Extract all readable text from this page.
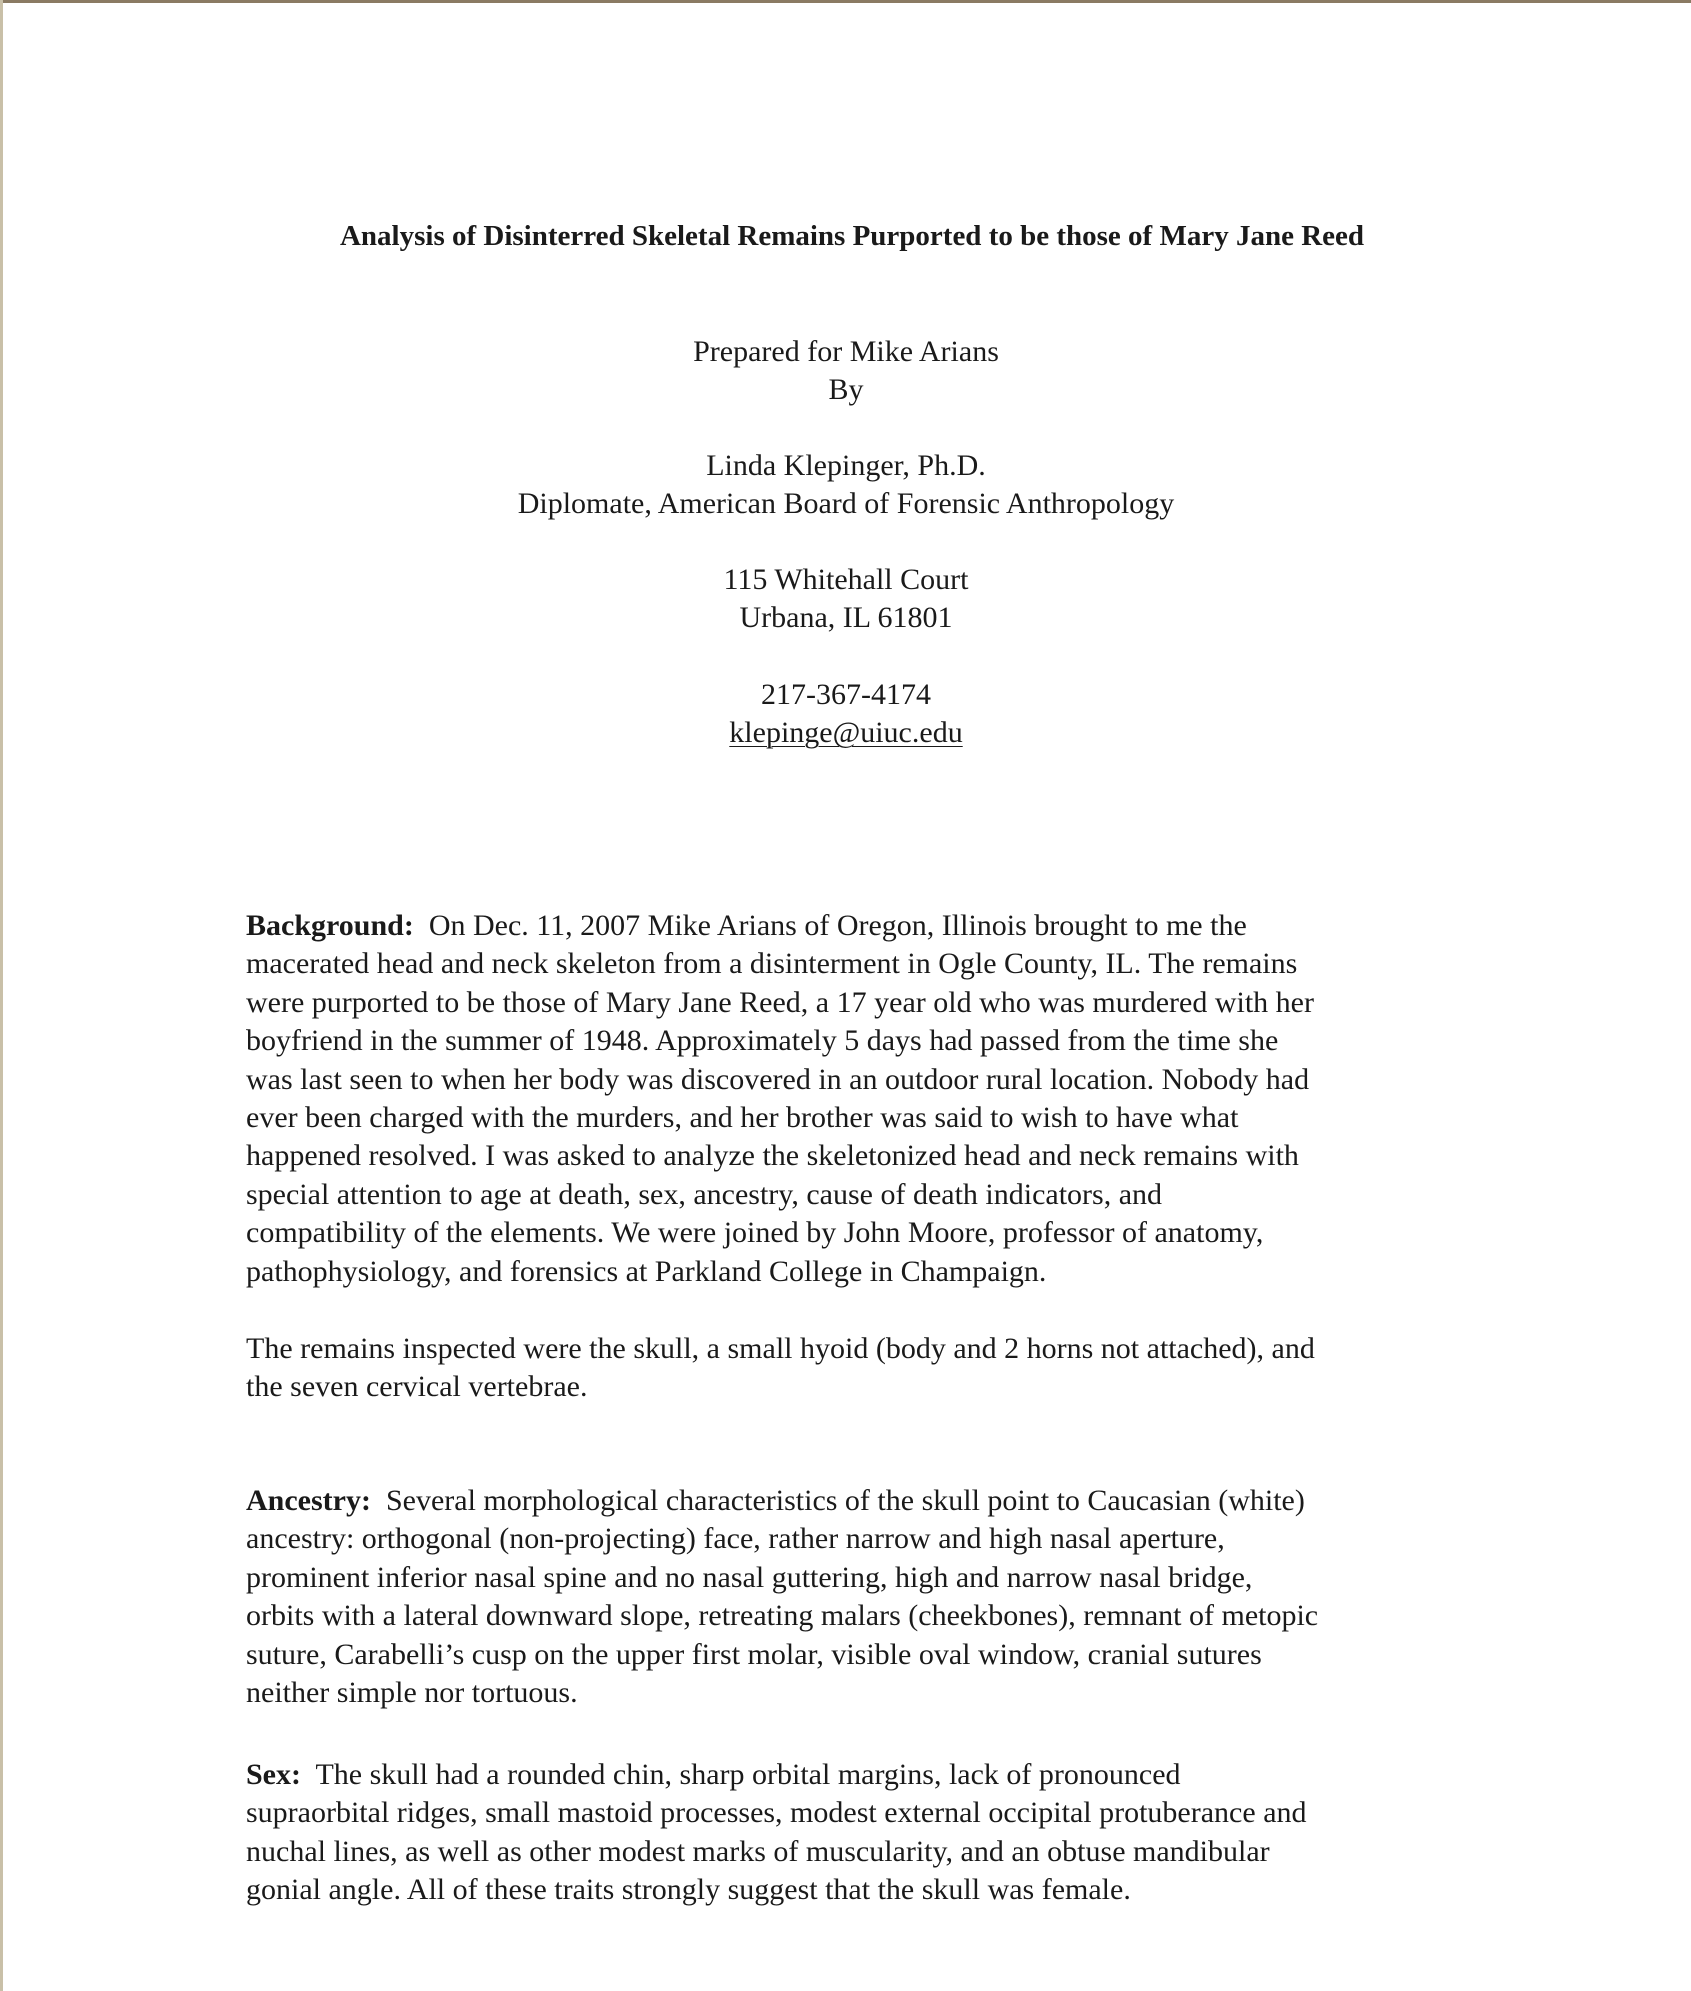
Analysis of Disinterred Skeletal Remains Purported to be those of Mary Jane Reed
Prepared for Mike Arians
By
Linda Klepinger, Ph.D.
Diplomate, American Board of Forensic Anthropology
115 Whitehall Court
Urbana, IL 61801
217-367-4174
klepinge@uiuc.edu
Background: On Dec. 11, 2007 Mike Arians of Oregon, Illinois brought to me the
macerated head and neck skeleton from a disinterment in Ogle County, IL. The remains
were purported to be those of Mary Jane Reed, a 17 year old who was murdered with her
boyfriend in the summer of 1948. Approximately 5 days had passed from the time she
was last seen to when her body was discovered in an outdoor rural location. Nobody had
ever been charged with the murders, and her brother was said to wish to have what
happened resolved. I was asked to analyze the skeletonized head and neck remains with
special attention to age at death, sex, ancestry, cause of death indicators, and
compatibility of the elements. We were joined by John Moore, professor of anatomy,
pathophysiology, and forensics at Parkland College in Champaign.
The remains inspected were the skull, a small hyoid (body and 2 horns not attached), and
the seven cervical vertebrae.
Ancestry: Several morphological characteristics of the skull point to Caucasian (white)
ancestry: orthogonal (non-projecting) face, rather narrow and high nasal aperture,
prominent inferior nasal spine and no nasal guttering, high and narrow nasal bridge,
orbits with a lateral downward slope, retreating malars (cheekbones), remnant of metopic
suture, Carabelli’s cusp on the upper first molar, visible oval window, cranial sutures
neither simple nor tortuous.
Sex: The skull had a rounded chin, sharp orbital margins, lack of pronounced
supraorbital ridges, small mastoid processes, modest external occipital protuberance and
nuchal lines, as well as other modest marks of muscularity, and an obtuse mandibular
gonial angle. All of these traits strongly suggest that the skull was female.
